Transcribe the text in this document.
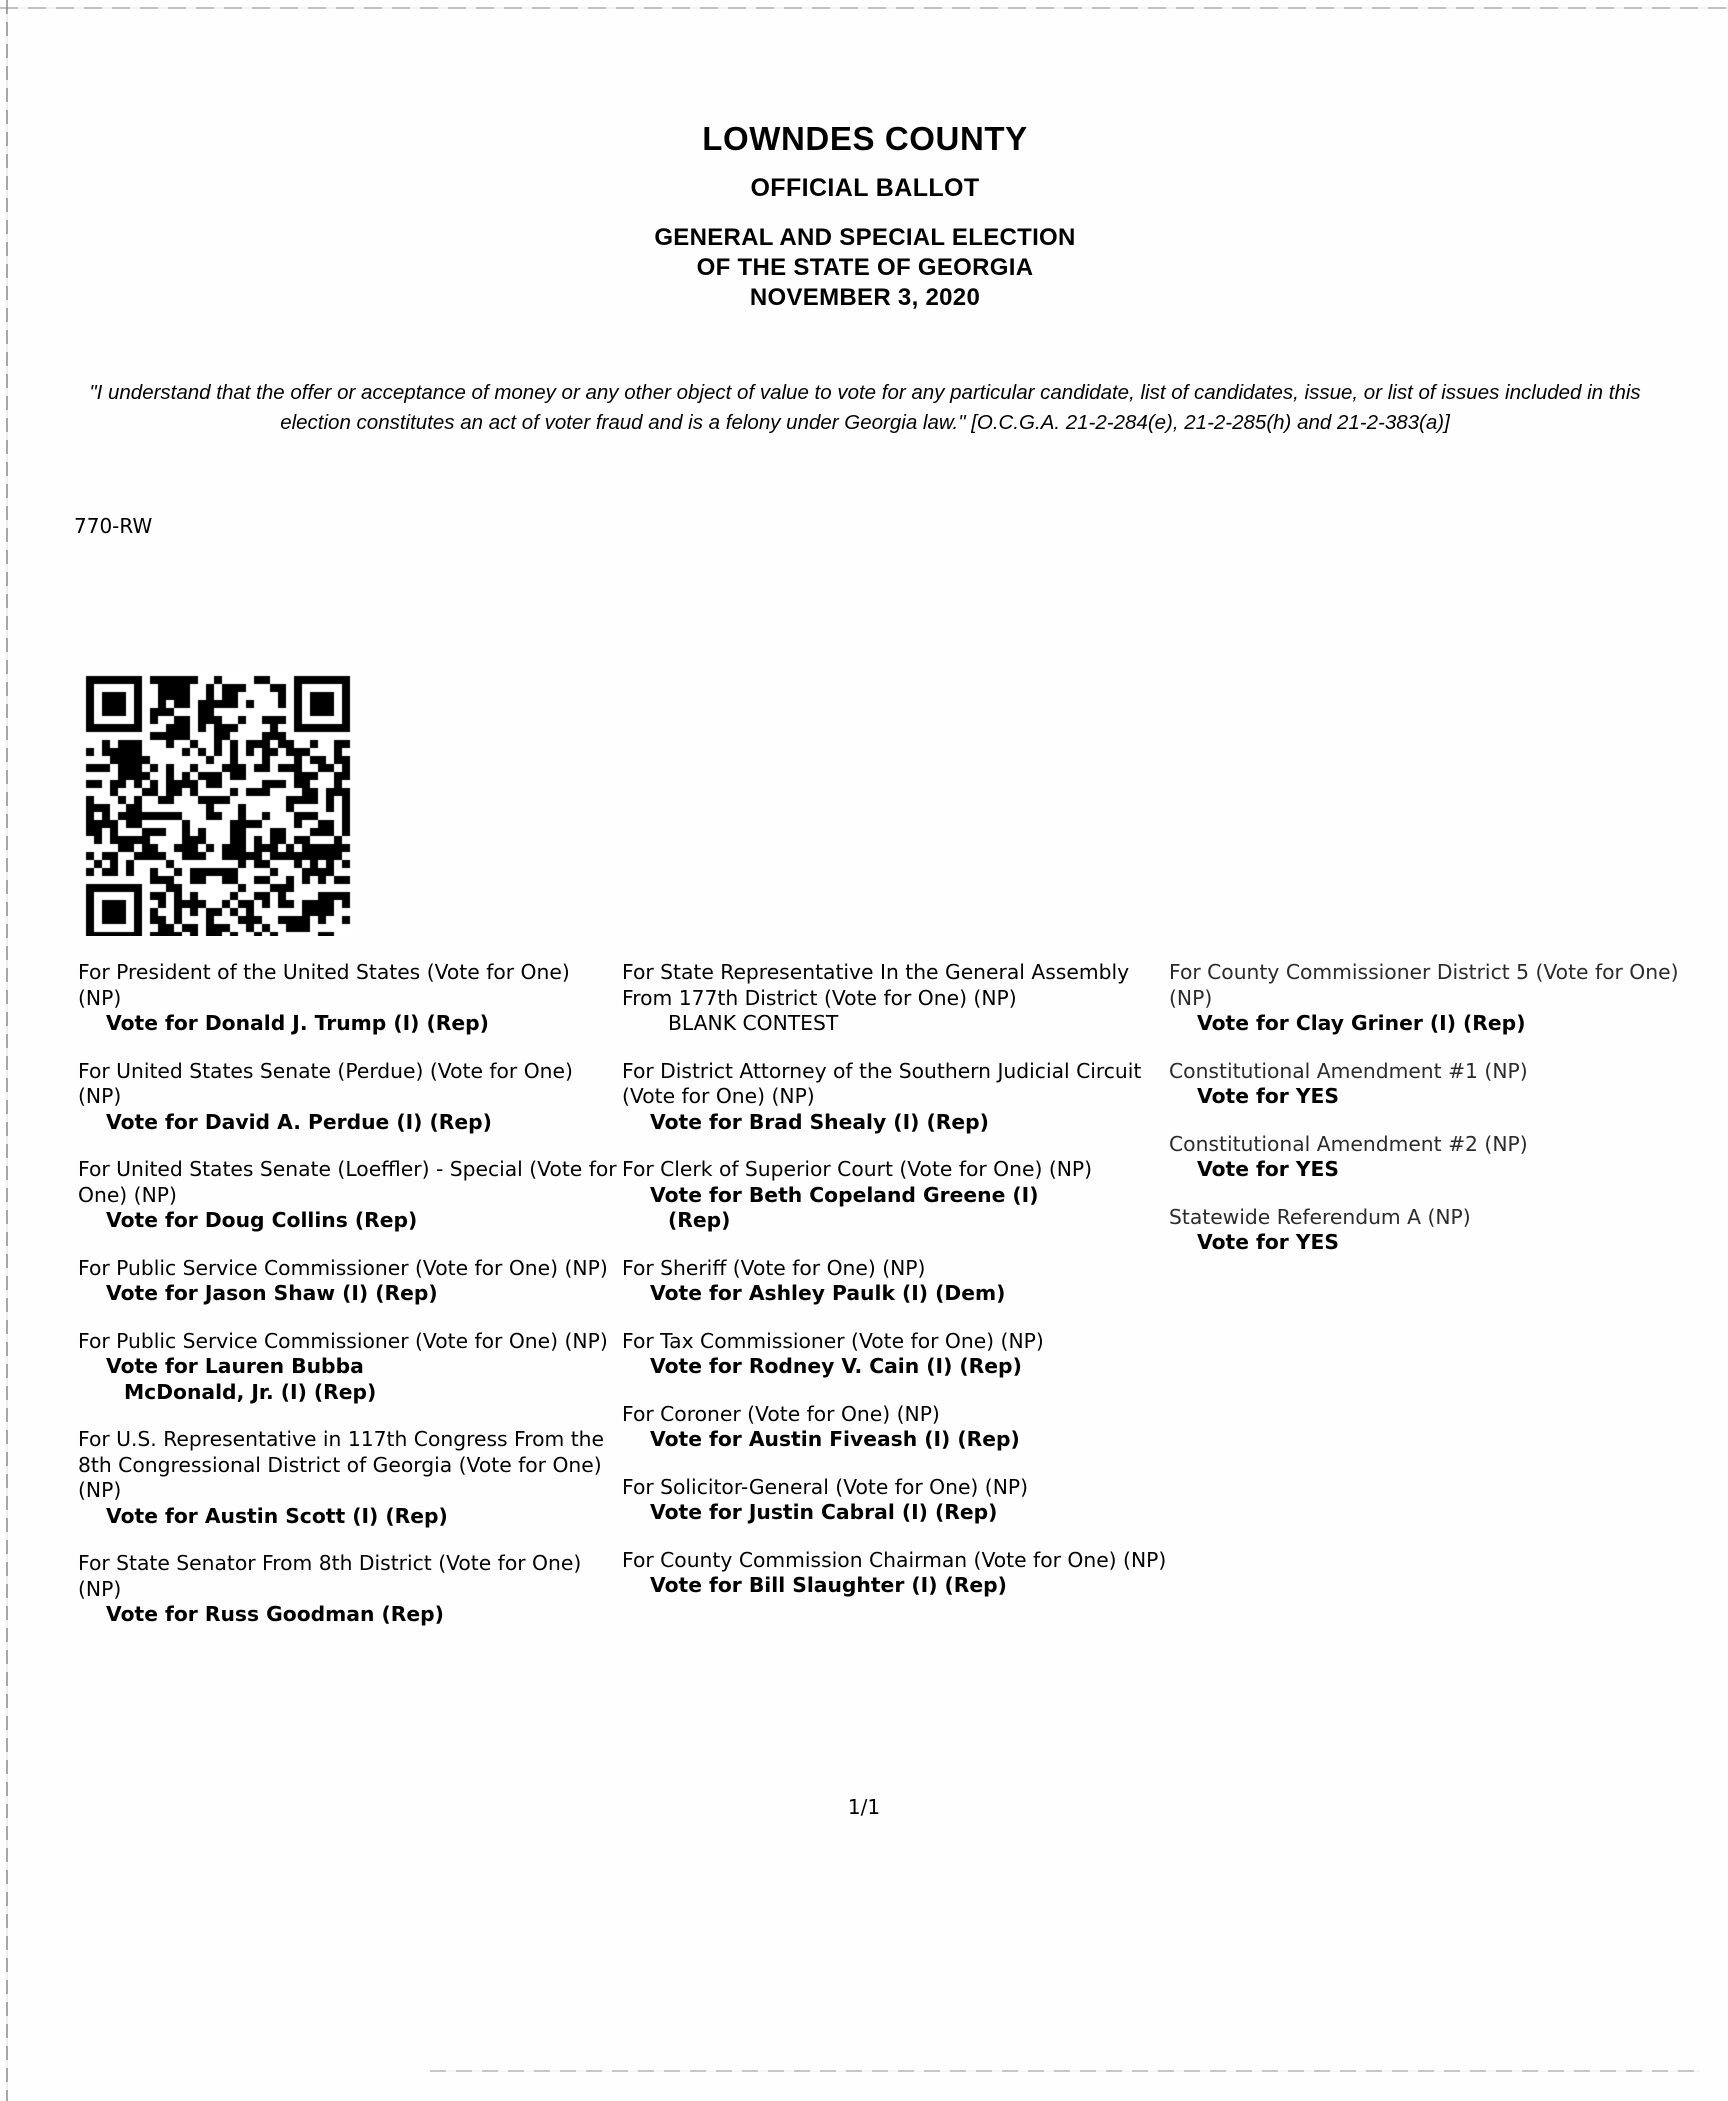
LOWNDES COUNTY
OFFICIAL BALLOT
GENERAL AND SPECIAL ELECTION
OF THE STATE OF GEORGIA
NOVEMBER 3, 2020
"I understand that the offer or acceptance of money or any other object of value to vote for any particular candidate, list of candidates, issue, or list of issues included in this election constitutes an act of voter fraud and is a felony under Georgia law." [O.C.G.A. 21-2-284(e), 21-2-285(h) and 21-2-383(a)]
770-RW
For President of the United States (Vote for One) (NP)
Vote for Donald J. Trump (I) (Rep)
For United States Senate (Perdue) (Vote for One) (NP)
Vote for David A. Perdue (I) (Rep)
For United States Senate (Loeffler) - Special (Vote for One) (NP)
Vote for Doug Collins (Rep)
For Public Service Commissioner (Vote for One) (NP)
Vote for Jason Shaw (I) (Rep)
For Public Service Commissioner (Vote for One) (NP)
Vote for Lauren Bubba
McDonald, Jr. (I) (Rep)
For U.S. Representative in 117th Congress From the 8th Congressional District of Georgia (Vote for One) (NP)
Vote for Austin Scott (I) (Rep)
For State Senator From 8th District (Vote for One) (NP)
Vote for Russ Goodman (Rep)
For State Representative In the General Assembly From 177th District (Vote for One) (NP)
BLANK CONTEST
For District Attorney of the Southern Judicial Circuit (Vote for One) (NP)
Vote for Brad Shealy (I) (Rep)
For Clerk of Superior Court (Vote for One) (NP)
Vote for Beth Copeland Greene (I)
(Rep)
For Sheriff (Vote for One) (NP)
Vote for Ashley Paulk (I) (Dem)
For Tax Commissioner (Vote for One) (NP)
Vote for Rodney V. Cain (I) (Rep)
For Coroner (Vote for One) (NP)
Vote for Austin Fiveash (I) (Rep)
For Solicitor-General (Vote for One) (NP)
Vote for Justin Cabral (I) (Rep)
For County Commission Chairman (Vote for One) (NP)
Vote for Bill Slaughter (I) (Rep)
For County Commissioner District 5 (Vote for One) (NP)
Vote for Clay Griner (I) (Rep)
Constitutional Amendment #1 (NP)
Vote for YES
Constitutional Amendment #2 (NP)
Vote for YES
Statewide Referendum A (NP)
Vote for YES
1/1
